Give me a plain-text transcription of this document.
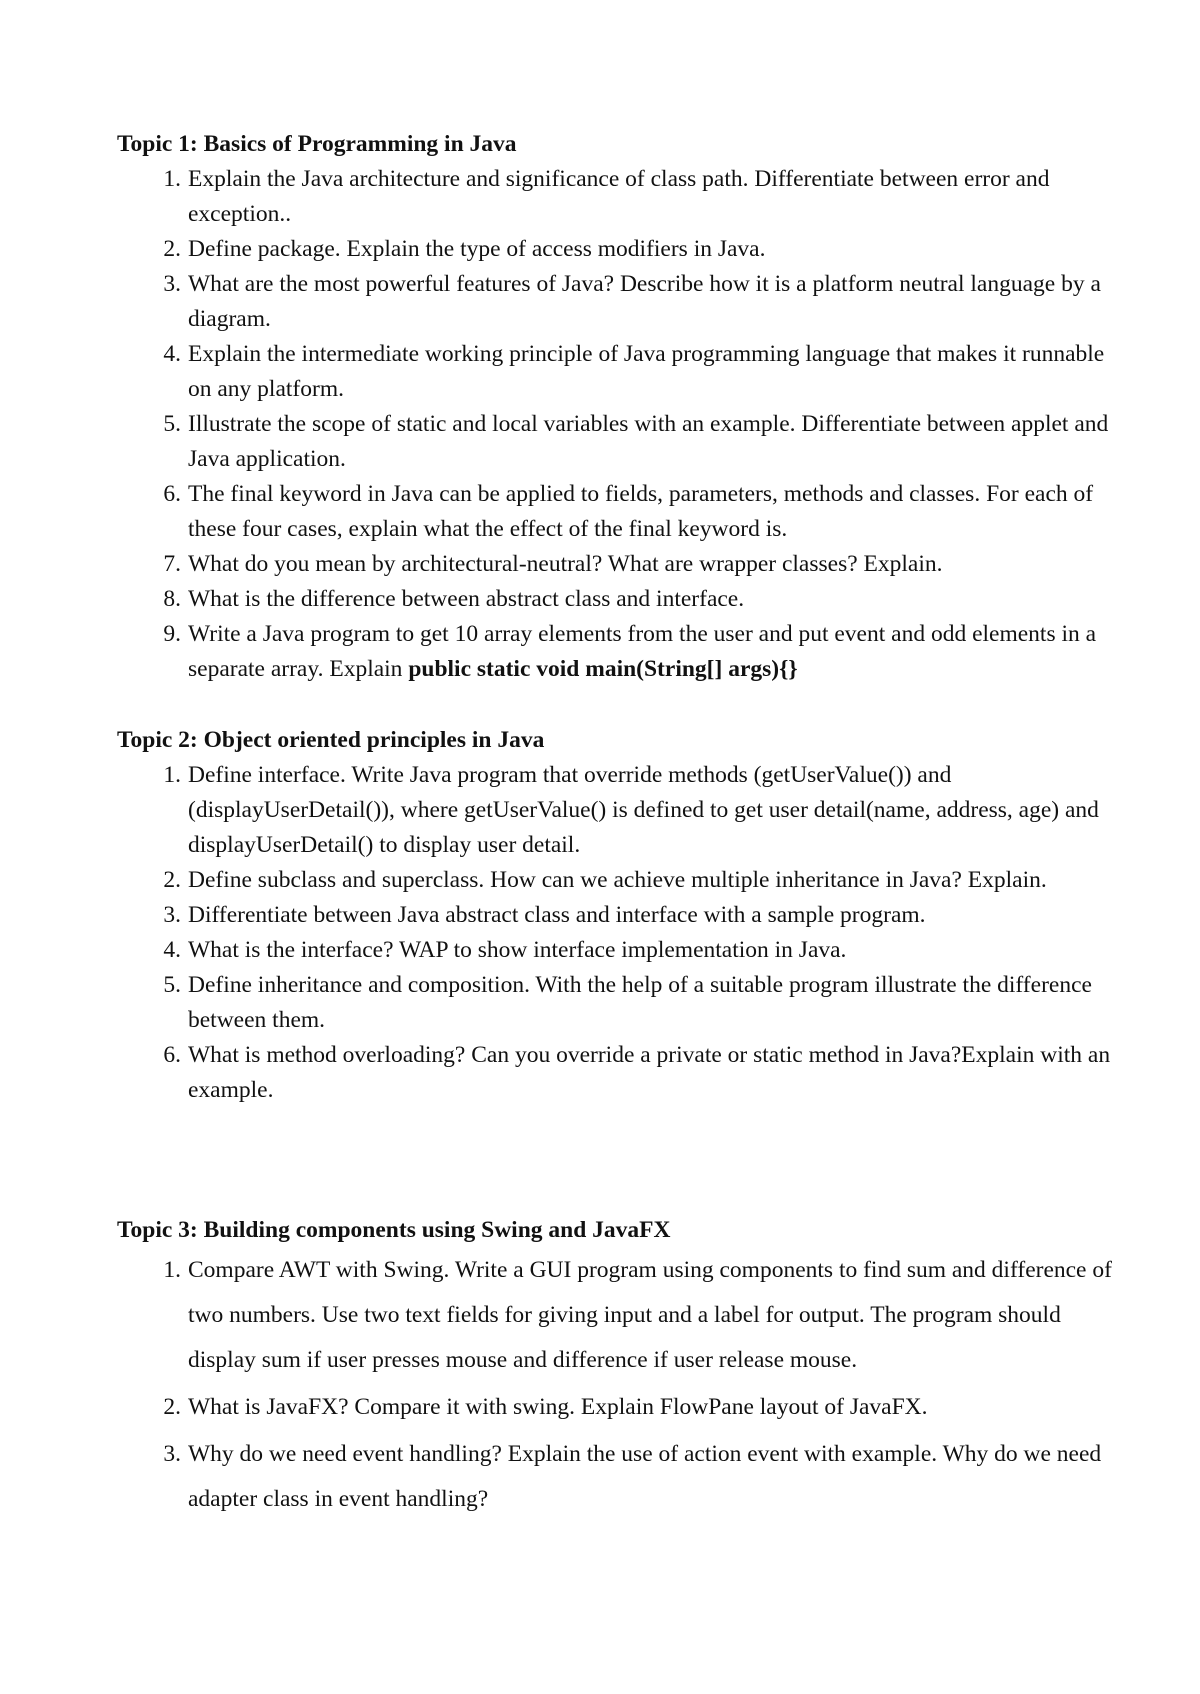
Topic 1: Basics of Programming in Java
1. Explain the Java architecture and significance of class path. Differentiate between error and exception..
2. Define package. Explain the type of access modifiers in Java.
3. What are the most powerful features of Java? Describe how it is a platform neutral language by a diagram.
4. Explain the intermediate working principle of Java programming language that makes it runnable on any platform.
5. Illustrate the scope of static and local variables with an example. Differentiate between applet and Java application.
6. The final keyword in Java can be applied to fields, parameters, methods and classes. For each of these four cases, explain what the effect of the final keyword is.
7. What do you mean by architectural-neutral? What are wrapper classes? Explain.
8. What is the difference between abstract class and interface.
9. Write a Java program to get 10 array elements from the user and put event and odd elements in a separate array. Explain public static void main(String[] args){}
Topic 2: Object oriented principles in Java
1. Define interface. Write Java program that override methods (getUserValue()) and (displayUserDetail()), where getUserValue() is defined to get user detail(name, address, age) and displayUserDetail() to display user detail.
2. Define subclass and superclass. How can we achieve multiple inheritance in Java? Explain.
3. Differentiate between Java abstract class and interface with a sample program.
4. What is the interface? WAP to show interface implementation in Java.
5. Define inheritance and composition. With the help of a suitable program illustrate the difference between them.
6. What is method overloading? Can you override a private or static method in Java?Explain with an example.
Topic 3: Building components using Swing and JavaFX
1. Compare AWT with Swing. Write a GUI program using components to find sum and difference of two numbers. Use two text fields for giving input and a label for output. The program should display sum if user presses mouse and difference if user release mouse.
2. What is JavaFX? Compare it with swing. Explain FlowPane layout of JavaFX.
3. Why do we need event handling? Explain the use of action event with example. Why do we need adapter class in event handling?
